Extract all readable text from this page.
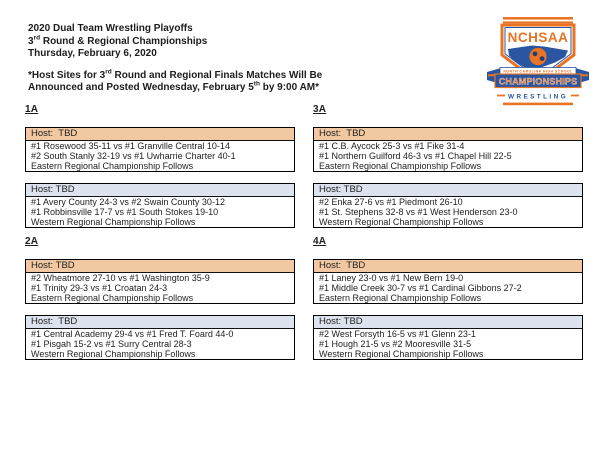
2020 Dual Team Wrestling Playoffs
3rd Round & Regional Championships
Thursday, February 6, 2020
*Host Sites for 3rd Round and Regional Finals Matches Will Be
Announced and Posted Wednesday, February 5th by 9:00 AM*
NCHSAA
NORTH CAROLINA HIGH SCHOOL
CHAMPIONSHIPS
WRESTLING
1A
Host:  TBD
#1 Rosewood 35-11 vs #1 Granville Central 10-14
#2 South Stanly 32-19 vs #1 Uwharrie Charter 40-1
Eastern Regional Championship Follows
Host: TBD
#1 Avery County 24-3 vs #2 Swain County 30-12
#1 Robbinsville 17-7 vs #1 South Stokes 19-10
Western Regional Championship Follows
2A
Host: TBD
#2 Wheatmore 27-10 vs #1 Washington 35-9
#1 Trinity 29-3 vs #1 Croatan 24-3
Eastern Regional Championship Follows
Host:  TBD
#1 Central Academy 29-4 vs #1 Fred T. Foard 44-0
#1 Pisgah 15-2 vs #1 Surry Central 28-3
Western Regional Championship Follows
3A
Host:  TBD
#1 C.B. Aycock 25-3 vs #1 Fike 31-4
#1 Northern Guilford 46-3 vs #1 Chapel Hill 22-5
Eastern Regional Championship Follows
Host: TBD
#2 Enka 27-6 vs #1 Piedmont 26-10
#1 St. Stephens 32-8 vs #1 West Henderson 23-0
Western Regional Championship Follows
4A
Host:  TBD
#1 Laney 23-0 vs #1 New Bern 19-0
#1 Middle Creek 30-7 vs #1 Cardinal Gibbons 27-2
Eastern Regional Championship Follows
Host: TBD
#2 West Forsyth 16-5 vs #1 Glenn 23-1
#1 Hough 21-5 vs #2 Mooresville 31-5
Western Regional Championship Follows
